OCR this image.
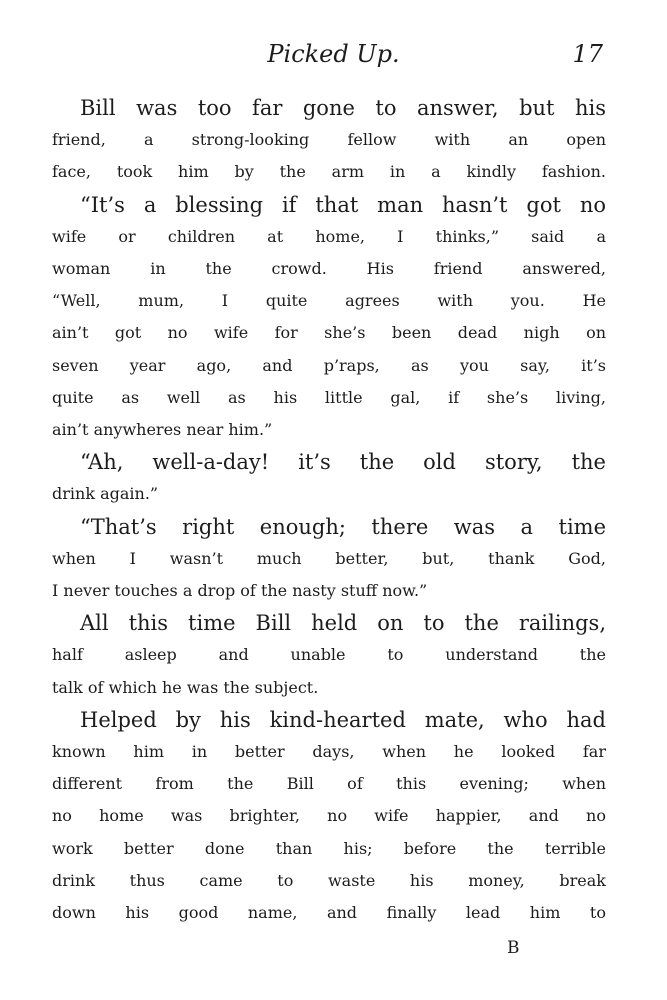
Picked Up.	17

Bill was too far gone to answer, but his
friend, a strong-looking fellow with an open
face, took him by the arm in a kindly fashion.

“It’s a blessing if that man hasn’t got no
wife or children at home, I thinks,” said a
woman in the crowd. His friend answered,
“Well, mum, I quite agrees with you. He
ain’t got no wife for she’s been dead nigh on
seven year ago, and p’raps, as you say, it’s
quite as well as his little gal, if she’s living,
ain’t anywheres near him.”

“Ah, well-a-day! it’s the old story, the
drink again.”

“That’s right enough; there was a time
when I wasn’t much better, but, thank God,
I never touches a drop of the nasty stuff now.”

All this time Bill held on to the railings,
half asleep and unable to understand the
talk of which he was the subject.

Helped by his kind-hearted mate, who had
known him in better days, when he looked far
different from the Bill of this evening; when
no home was brighter, no wife happier, and no
work better done than his; before the terrible
drink thus came to waste his money, break
down his good name, and finally lead him to

B
